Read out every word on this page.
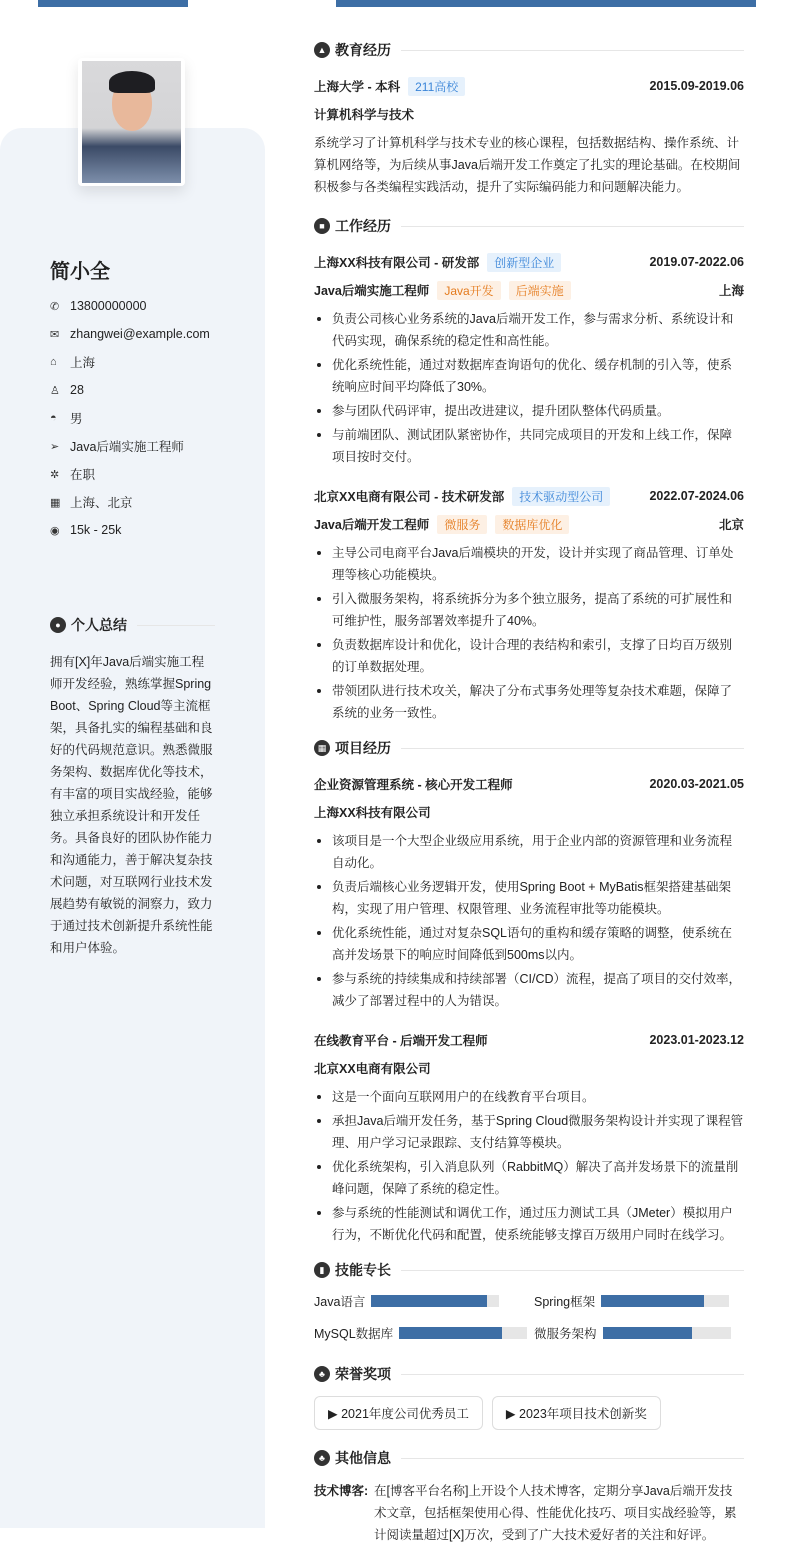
简小全
✆ 13800000000
✉ zhangwei@example.com
⌂	上海
♙ 28
◓	男
➢ Java后端实施工程师
✲ 在职
▦ 上海、北京
◉ 15k - 25k
● 个人总结
拥有[X]年Java后端实施工程师开发经验，熟练掌握Spring Boot、Spring Cloud等主流框架，具备扎实的编程基础和良好的代码规范意识。熟悉微服务架构、数据库优化等技术，有丰富的项目实战经验，能够独立承担系统设计和开发任务。具备良好的团队协作能力和沟通能力，善于解决复杂技术问题，对互联网行业技术发展趋势有敏锐的洞察力，致力于通过技术创新提升系统性能和用户体验。
▲ 教育经历
上海大学 - 本科 211高校	2015.09-2019.06
计算机科学与技术
系统学习了计算机科学与技术专业的核心课程，包括数据结构、操作系统、计算机网络等，为后续从事Java后端开发工作奠定了扎实的理论基础。在校期间积极参与各类编程实践活动，提升了实际编码能力和问题解决能力。
■ 工作经历
上海XX科技有限公司 - 研发部 创新型企业	2019.07-2022.06
Java后端实施工程师 Java开发 后端实施	上海
负责公司核心业务系统的Java后端开发工作，参与需求分析、系统设计和代码实现，确保系统的稳定性和高性能。
优化系统性能，通过对数据库查询语句的优化、缓存机制的引入等，使系统响应时间平均降低了30%。
参与团队代码评审，提出改进建议，提升团队整体代码质量。
与前端团队、测试团队紧密协作，共同完成项目的开发和上线工作，保障项目按时交付。
北京XX电商有限公司 - 技术研发部 技术驱动型公司	2022.07-2024.06
Java后端开发工程师 微服务 数据库优化	北京
主导公司电商平台Java后端模块的开发，设计并实现了商品管理、订单处理等核心功能模块。
引入微服务架构，将系统拆分为多个独立服务，提高了系统的可扩展性和可维护性，服务部署效率提升了40%。
负责数据库设计和优化，设计合理的表结构和索引，支撑了日均百万级别的订单数据处理。
带领团队进行技术攻关，解决了分布式事务处理等复杂技术难题，保障了系统的业务一致性。
▦ 项目经历
企业资源管理系统 - 核心开发工程师	2020.03-2021.05
上海XX科技有限公司
该项目是一个大型企业级应用系统，用于企业内部的资源管理和业务流程自动化。
负责后端核心业务逻辑开发，使用Spring Boot + MyBatis框架搭建基础架构，实现了用户管理、权限管理、业务流程审批等功能模块。
优化系统性能，通过对复杂SQL语句的重构和缓存策略的调整，使系统在高并发场景下的响应时间降低到500ms以内。
参与系统的持续集成和持续部署（CI/CD）流程，提高了项目的交付效率，减少了部署过程中的人为错误。
在线教育平台 - 后端开发工程师	2023.01-2023.12
北京XX电商有限公司
这是一个面向互联网用户的在线教育平台项目。
承担Java后端开发任务，基于Spring Cloud微服务架构设计并实现了课程管理、用户学习记录跟踪、支付结算等模块。
优化系统架构，引入消息队列（RabbitMQ）解决了高并发场景下的流量削峰问题，保障了系统的稳定性。
参与系统的性能测试和调优工作，通过压力测试工具（JMeter）模拟用户行为，不断优化代码和配置，使系统能够支撑百万级用户同时在线学习。
▮ 技能专长
Java语言	Spring框架
MySQL数据库	微服务架构
♣ 荣誉奖项
▶ 2021年度公司优秀员工	▶ 2023年项目技术创新奖
♣ 其他信息
技术博客: 在[博客平台名称]上开设个人技术博客，定期分享Java后端开发技术文章，包括框架使用心得、性能优化技巧、项目实战经验等，累计阅读量超过[X]万次，受到了广大技术爱好者的关注和好评。
